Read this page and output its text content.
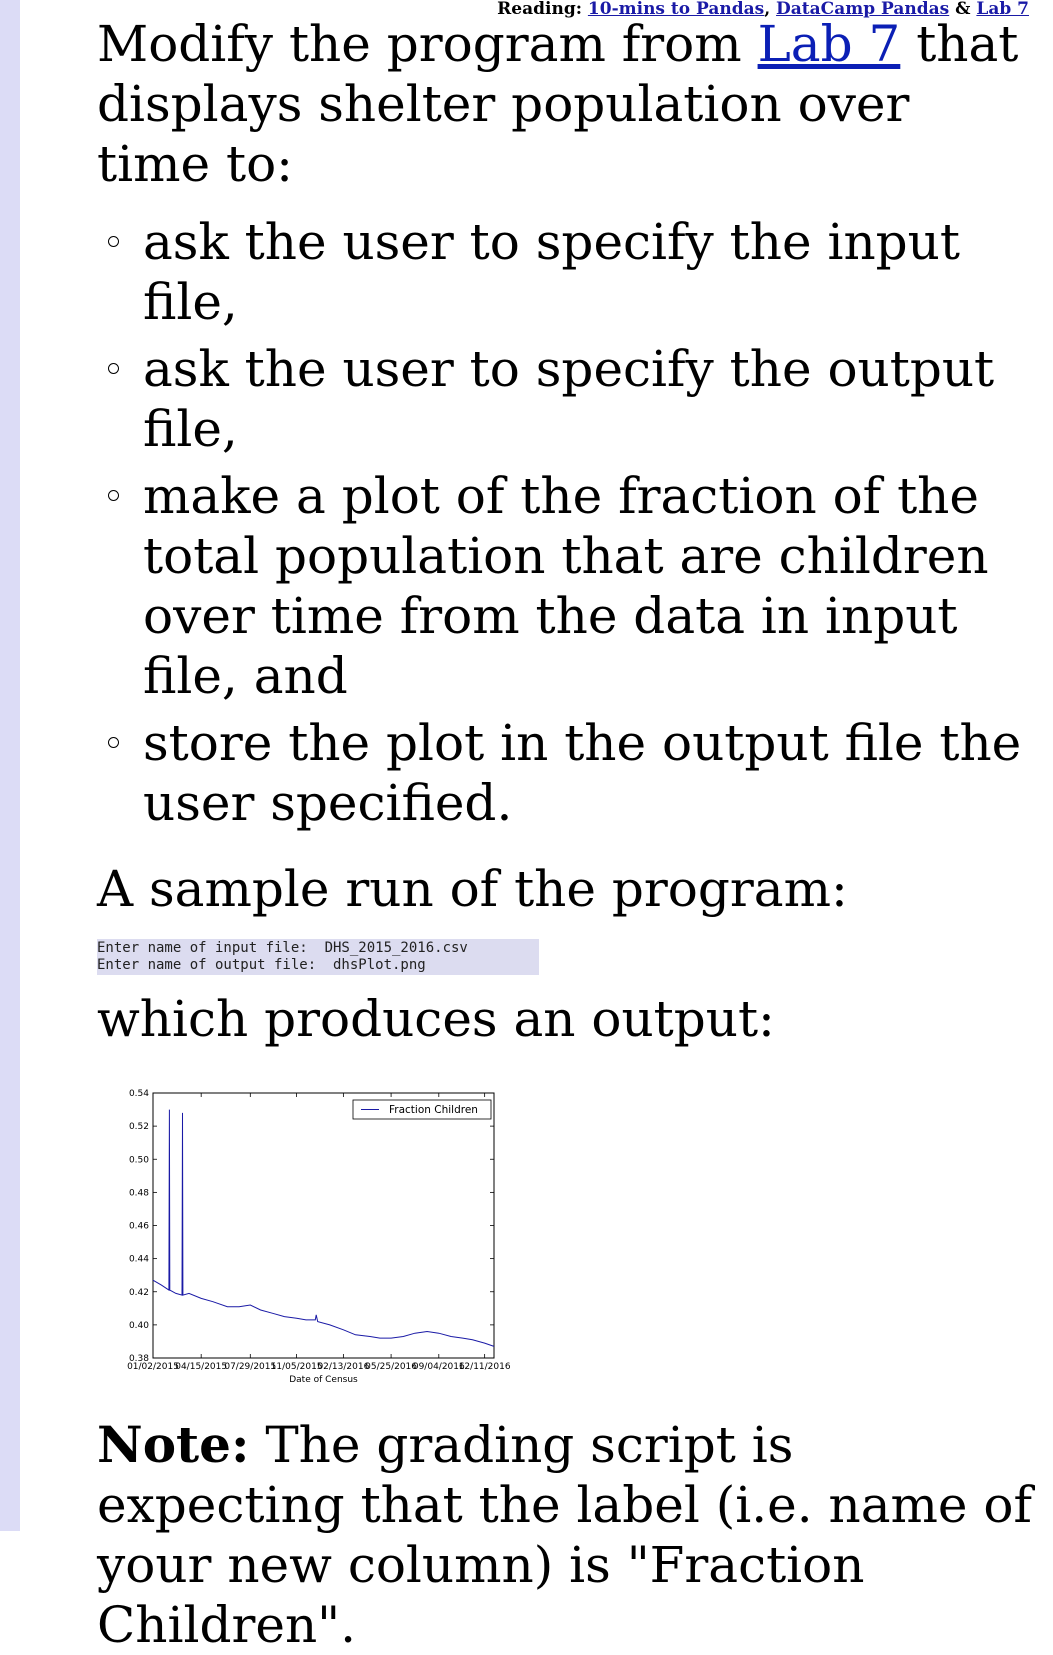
Reading: 10-mins to Pandas, DataCamp Pandas & Lab 7

Modify the program from Lab 7 that displays shelter population over time to:

ask the user to specify the input file,
ask the user to specify the output file,
make a plot of the fraction of the total population that are children over time from the data in input file, and
store the plot in the output file the user specified.

A sample run of the program:

Enter name of input file:  DHS_2015_2016.csv
Enter name of output file:  dhsPlot.png

which produces an output:

0.38
0.40
0.42
0.44
0.46
0.48
0.50
0.52
0.54
01/02/2015
04/15/2015
07/29/2015
11/05/2015
02/13/2016
05/25/2016
09/04/2016
12/11/2016
Date of Census
Fraction Children

Note: The grading script is expecting that the label (i.e. name of your new column) is "Fraction Children".
